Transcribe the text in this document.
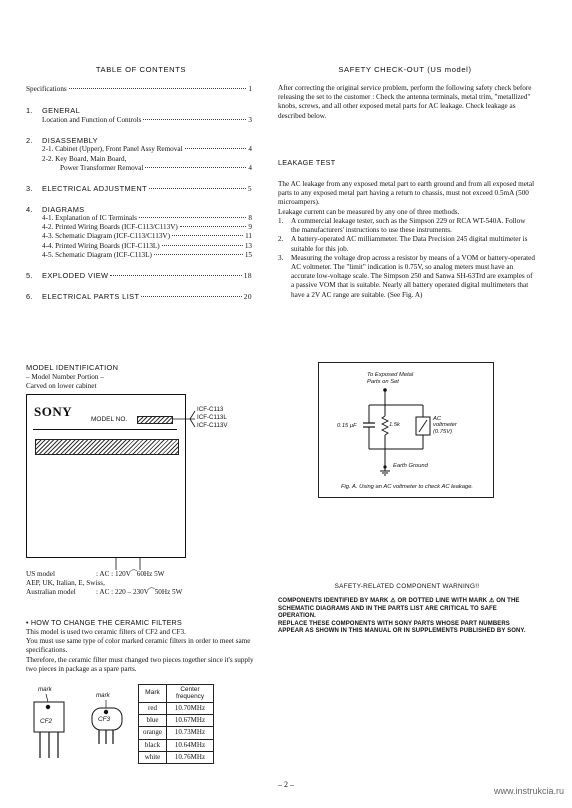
TABLE OF CONTENTS
Specifications	1
1. GENERAL
Location and Function of Controls	3
2. DISASSEMBLY
2-1. Cabinet (Upper), Front Panel Assy Removal	4
2-2. Key Board, Main Board,
Power Transformer Removal	4
3. ELECTRICAL ADJUSTMENT	5
4. DIAGRAMS
4-1. Explanation of IC Terminals	8
4-2. Printed Wiring Boards (ICF-C113/C113V)	9
4-3. Schematic Diagram (ICF-C113/C113V)	11
4-4. Printed Wiring Boards (ICF-C113L)	13
4-5. Schematic Diagram (ICF-C113L)	15
5. EXPLODED VIEW	18
6. ELECTRICAL PARTS LIST	20
MODEL IDENTIFICATION
– Model Number Portion –
Carved on lower cabinet
SONY
MODEL NO.
ICF-C113
ICF-C113L
ICF-C113V
US model	: AC : 120V⁀60Hz 5W
AEP, UK, Italian, E, Swiss,
Australian model	: AC : 220 – 230V⁀50Hz 5W
• HOW TO CHANGE THE CERAMIC FILTERS

This model is used two ceramic filters of CF2 and CF3.

You must use same type of color marked ceramic filters in order to meet same specifications.

Therefore, the ceramic filter must changed two pieces together since it's supply two pieces in package as a spare parts.

mark
mark
CF2	CF3
Mark	Center frequency
red	10.70MHz
blue	10.67MHz
orange	10.73MHz
black	10.64MHz
white	10.76MHz
SAFETY CHECK-OUT (US model)

After correcting the original service problem, perform the following safety check before releasing the set to the customer : Check the antenna terminals, metal trim, "metallized" knobs, screws, and all other exposed metal parts for AC leakage. Check leakage as described below.

LEAKAGE TEST

The AC leakage from any exposed metal part to earth ground and from all exposed metal parts to any exposed metal part having a return to chassis, must not exceed 0.5mA (500 microampers).

Leakage current can be measured by any one of three methods.

1.	A commercial leakage tester, such as the Simpson 229 or RCA WT-540A. Follow the manufacturers' instructions to use these instruments.
2.	A battery-operated AC milliammeter. The Data Precision 245 digital multimeter is suitable for this job.
3.	Measuring the voltage drop across a resistor by means of a VOM or battery-operated AC voltmeter. The "limit" indication is 0.75V, so analog meters must have an accurate low-voltage scale. The Simpson 250 and Sanwa SH-63Trd are examples of a passive VOM that is suitable. Nearly all battery operated digital multimeters that have a 2V AC range are suitable. (See Fig. A)
To Exposed Metal
Parts on Set
0.15 μF	1.5k
AC
voltmeter
(0.75V)
Earth Ground
Fig. A. Using an AC voltmeter to check AC leakage.
SAFETY-RELATED COMPONENT WARNING!!

COMPONENTS IDENTIFIED BY MARK ⚠ OR DOTTED LINE WITH MARK ⚠ ON THE SCHEMATIC DIAGRAMS AND IN THE PARTS LIST ARE CRITICAL TO SAFE OPERATION.

REPLACE THESE COMPONENTS WITH SONY PARTS WHOSE PART NUMBERS APPEAR AS SHOWN IN THIS MANUAL OR IN SUPPLEMENTS PUBLISHED BY SONY.

– 2 –
www.instrukcia.ru
